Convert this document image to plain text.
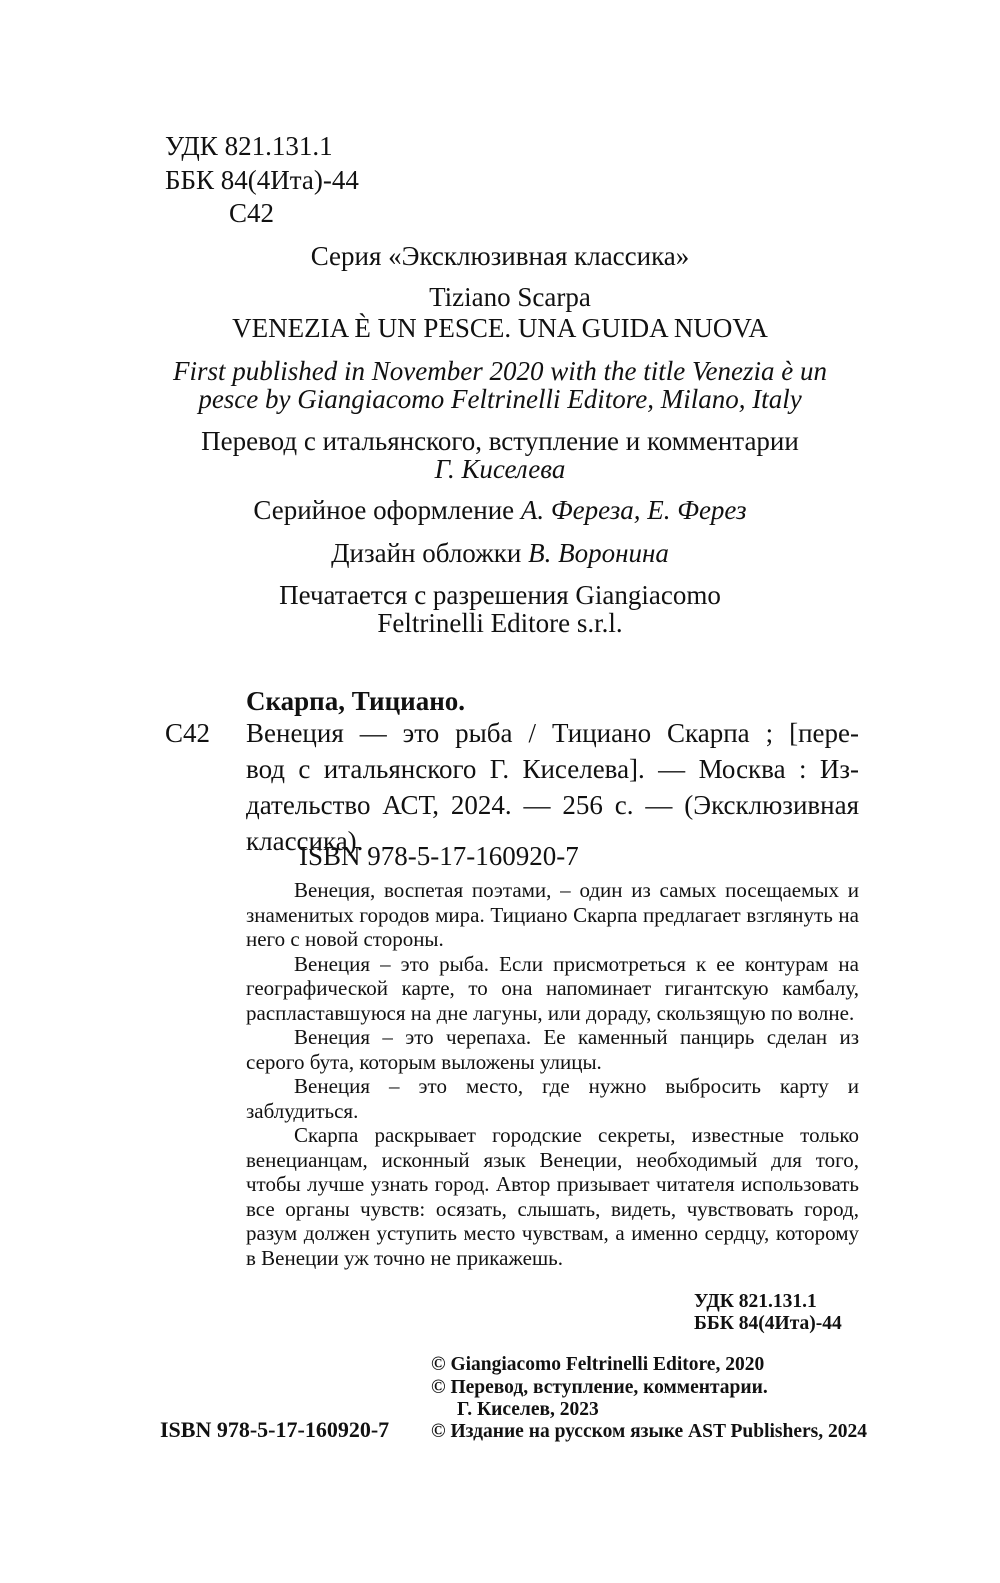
УДК 821.131.1
ББК 84(4Ита)-44
С42
Серия «Эксклюзивная классика»
Tiziano Scarpa
VENEZIA È UN PESCE. UNA GUIDA NUOVA
First published in November 2020 with the title Venezia è un
pesce by Giangiacomo Feltrinelli Editore, Milano, Italy
Перевод с итальянского, вступление и комментарии
Г. Киселева
Серийное оформление А. Фереза, Е. Ферез
Дизайн обложки В. Воронина
Печатается с разрешения Giangiacomo
Feltrinelli Editore s.r.l.
Скарпа, Тициано.
С42 Венеция — это рыба / Тициано Скарпа ; [пере-
вод с итальянского Г. Киселева]. — Москва : Из-
дательство АСТ, 2024. — 256 с. — (Эксклюзивная
классика).
ISBN 978-5-17-160920-7

Венеция, воспетая поэтами, – один из самых посещаемых и знаменитых городов мира. Тициано Скарпа предлагает взглянуть на него с новой стороны.

Венеция – это рыба. Если присмотреться к ее контурам на географической карте, то она напоминает гигантскую камбалу, распластавшуюся на дне лагуны, или дораду, скользящую по волне.

Венеция – это черепаха. Ее каменный панцирь сделан из серого бута, которым выложены улицы.

Венеция – это место, где нужно выбросить карту и заблудиться.

Скарпа раскрывает городские секреты, известные только венецианцам, исконный язык Венеции, необходимый для того, чтобы лучше узнать город. Автор призывает читателя использовать все органы чувств: осязать, слышать, видеть, чувствовать город, разум должен уступить место чувствам, а именно сердцу, которому в Венеции уж точно не прикажешь.

УДК 821.131.1
ББК 84(4Ита)-44
© Giangiacomo Feltrinelli Editore, 2020
© Перевод, вступление, комментарии.
Г. Киселев, 2023
© Издание на русском языке AST Publishers, 2024
ISBN 978-5-17-160920-7
